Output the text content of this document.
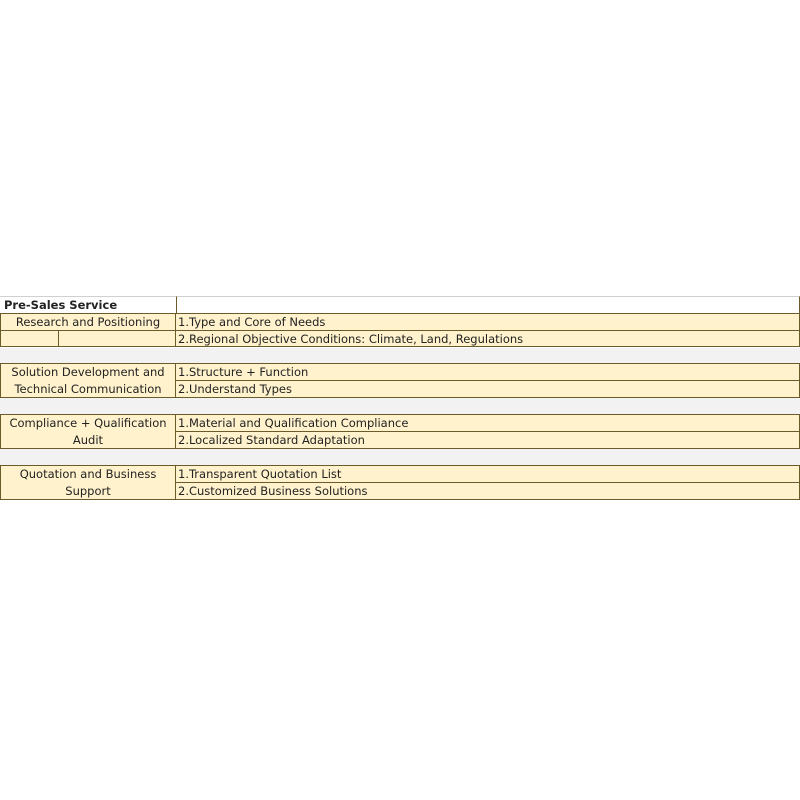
Pre-Sales Service
Research and Positioning	1.Type and Core of Needs
2.Regional Objective Conditions: Climate, Land, Regulations
Solution Development and
Technical Communication
1.Structure + Function
2.Understand Types
Compliance + Qualification
Audit
1.Material and Qualification Compliance
2.Localized Standard Adaptation
Quotation and Business
Support
1.Transparent Quotation List
2.Customized Business Solutions
